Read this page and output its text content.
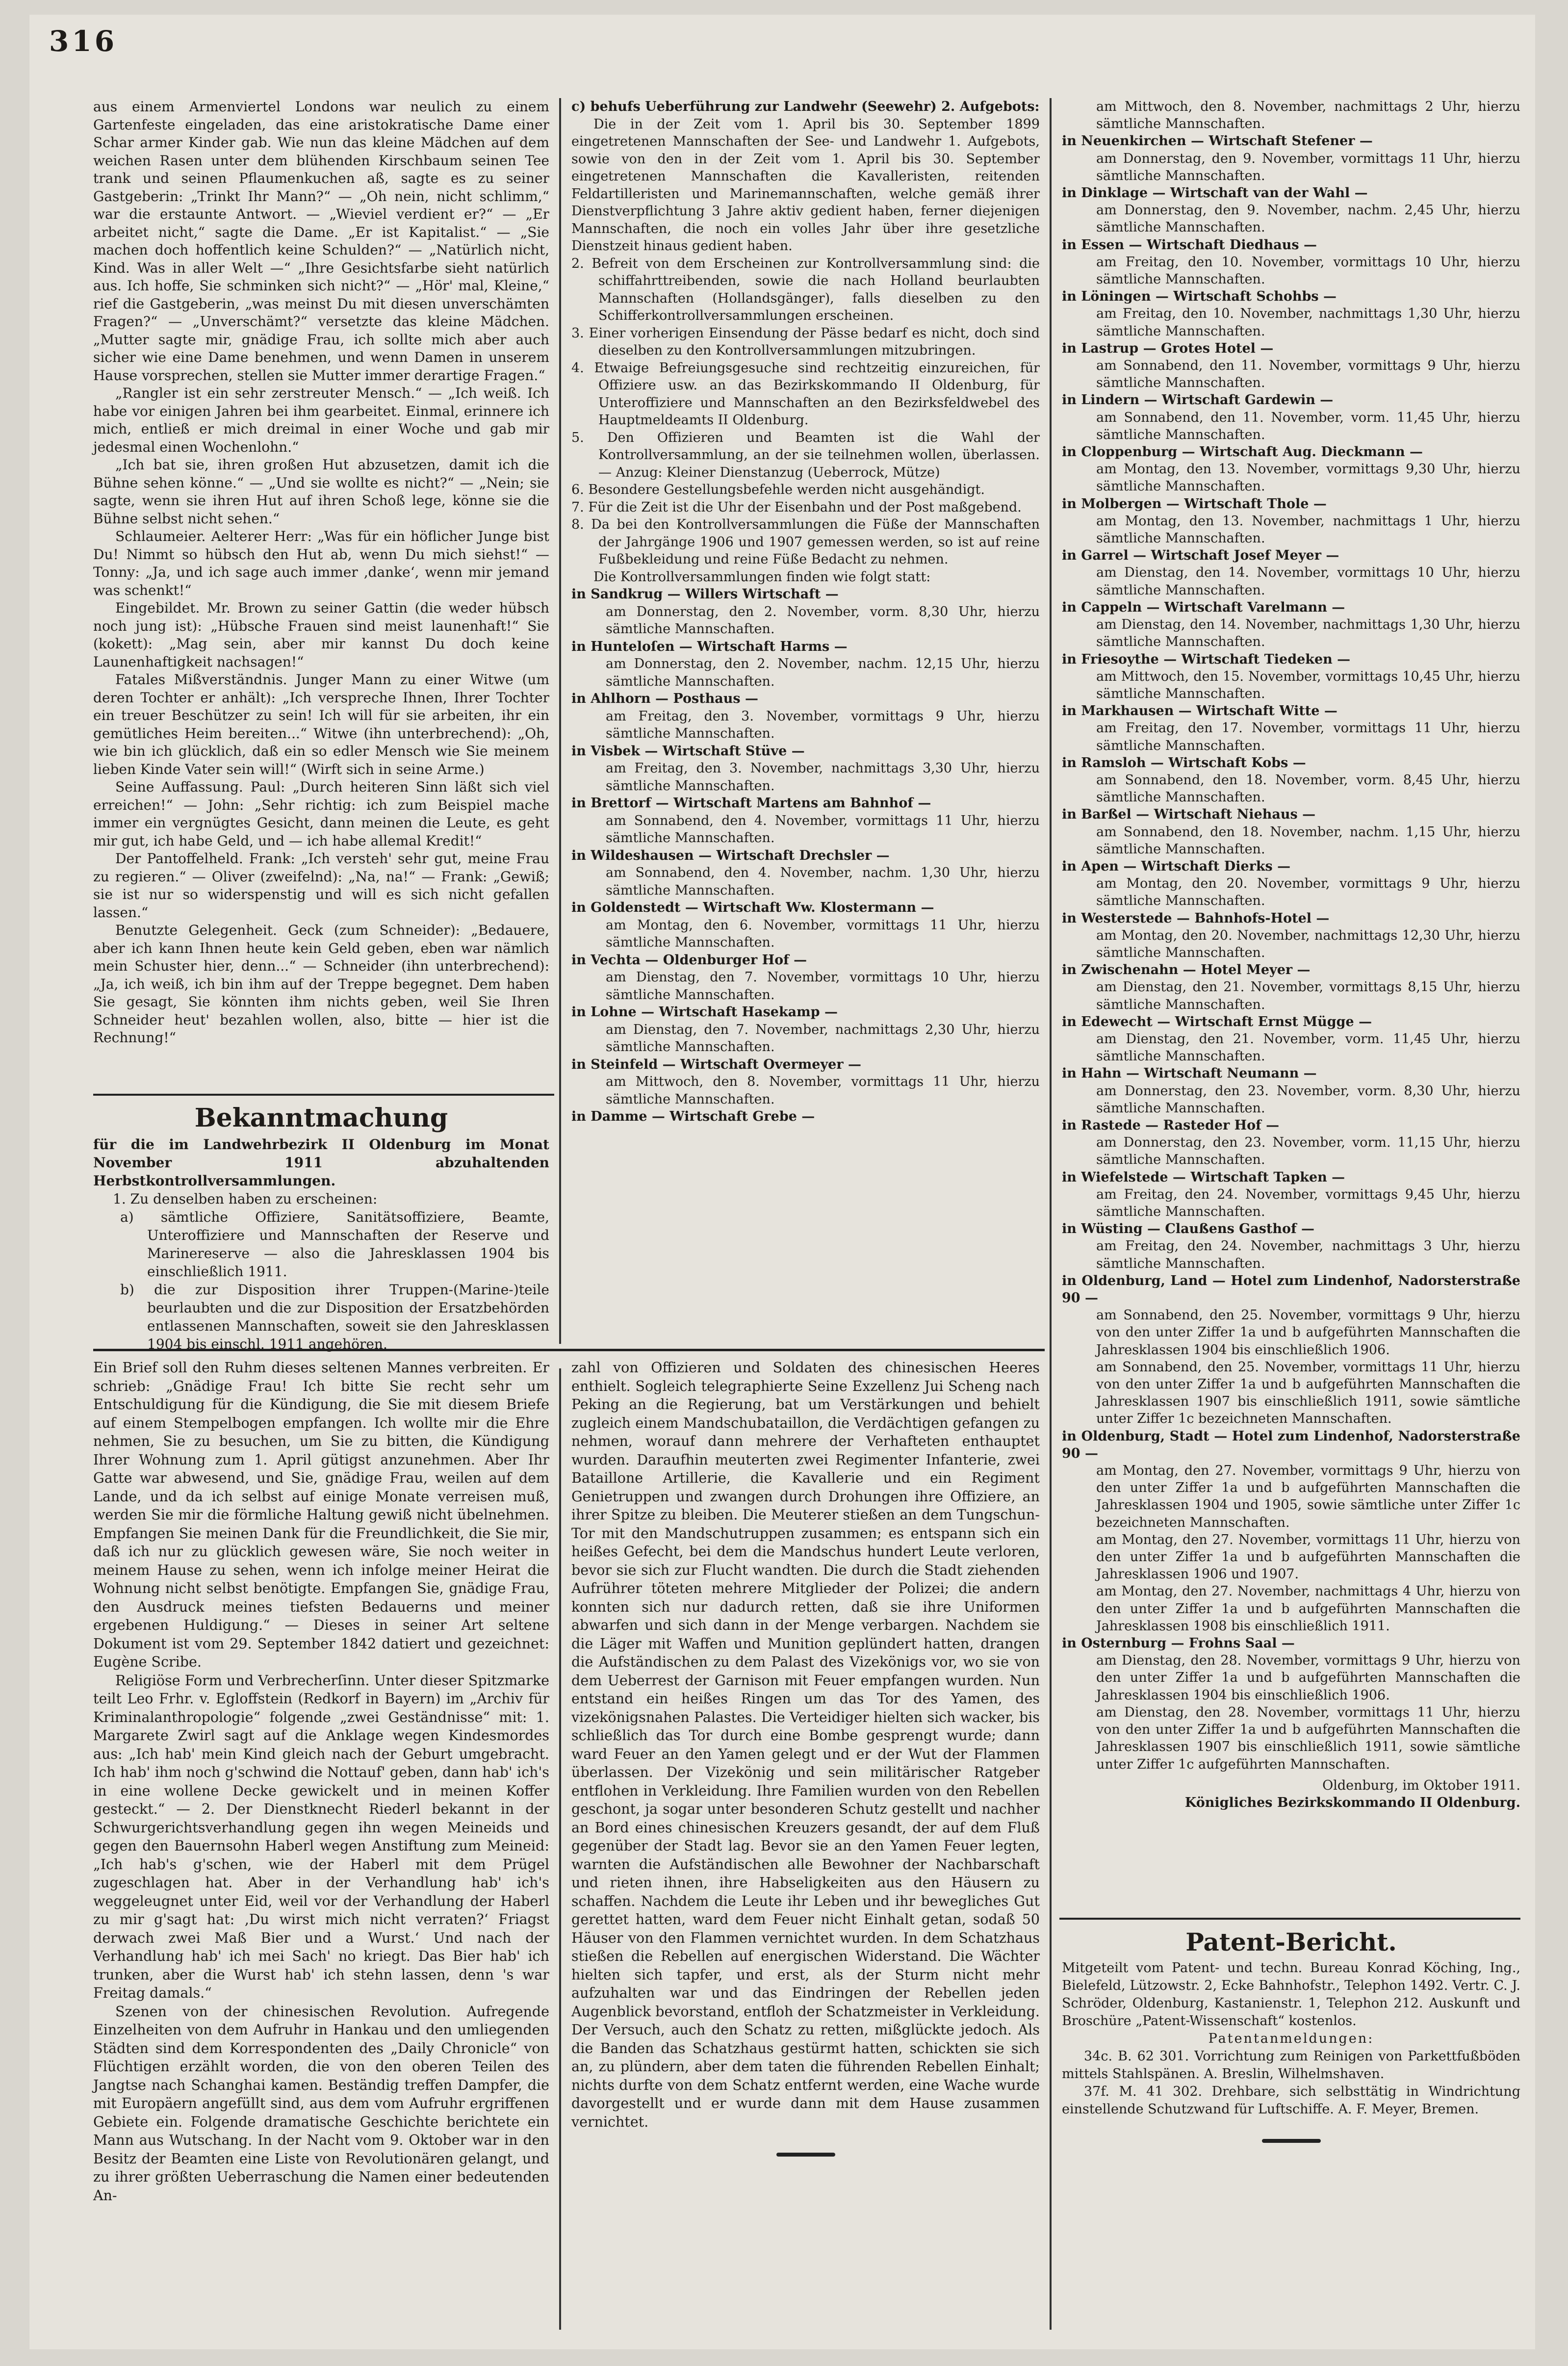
316

aus einem Armenviertel Londons war neulich zu einem Gartenfeste eingeladen, das eine aristokratische Dame einer Schar armer Kinder gab. Wie nun das kleine Mädchen auf dem weichen Rasen unter dem blühenden Kirschbaum seinen Tee trank und seinen Pflaumenkuchen aß, sagte es zu seiner Gastgeberin: „Trinkt Ihr Mann?“ — „Oh nein, nicht schlimm,“ war die erstaunte Antwort. — „Wieviel verdient er?“ — „Er arbeitet nicht,“ sagte die Dame. „Er ist Kapitalist.“ — „Sie machen doch hoffentlich keine Schulden?“ — „Natürlich nicht, Kind. Was in aller Welt —“ „Ihre Gesichtsfarbe sieht natürlich aus. Ich hoffe, Sie schminken sich nicht?“ — „Hör' mal, Kleine,“ rief die Gastgeberin, „was meinst Du mit diesen unverschämten Fragen?“ — „Unverschämt?“ versetzte das kleine Mädchen. „Mutter sagte mir, gnädige Frau, ich sollte mich aber auch sicher wie eine Dame benehmen, und wenn Damen in unserem Hause vorsprechen, stellen sie Mutter immer derartige Fragen.“

„Rangler ist ein sehr zerstreuter Mensch.“ — „Ich weiß. Ich habe vor einigen Jahren bei ihm gearbeitet. Einmal, erinnere ich mich, entließ er mich dreimal in einer Woche und gab mir jedesmal einen Wochenlohn.“

„Ich bat sie, ihren großen Hut abzusetzen, damit ich die Bühne sehen könne.“ — „Und sie wollte es nicht?“ — „Nein; sie sagte, wenn sie ihren Hut auf ihren Schoß lege, könne sie die Bühne selbst nicht sehen.“

Schlaumeier. Aelterer Herr: „Was für ein höflicher Junge bist Du! Nimmt so hübsch den Hut ab, wenn Du mich siehst!“ — Tonny: „Ja, und ich sage auch immer ‚danke‘, wenn mir jemand was schenkt!“

Eingebildet. Mr. Brown zu seiner Gattin (die weder hübsch noch jung ist): „Hübsche Frauen sind meist launenhaft!“ Sie (kokett): „Mag sein, aber mir kannst Du doch keine Launenhaftigkeit nachsagen!“

Fatales Mißverständnis. Junger Mann zu einer Witwe (um deren Tochter er anhält): „Ich verspreche Ihnen, Ihrer Tochter ein treuer Beschützer zu sein! Ich will für sie arbeiten, ihr ein gemütliches Heim bereiten...“ Witwe (ihn unterbrechend): „Oh, wie bin ich glücklich, daß ein so edler Mensch wie Sie meinem lieben Kinde Vater sein will!“ (Wirft sich in seine Arme.)

Seine Auffassung. Paul: „Durch heiteren Sinn läßt sich viel erreichen!“ — John: „Sehr richtig: ich zum Beispiel mache immer ein vergnügtes Gesicht, dann meinen die Leute, es geht mir gut, ich habe Geld, und — ich habe allemal Kredit!“

Der Pantoffelheld. Frank: „Ich versteh' sehr gut, meine Frau zu regieren.“ — Oliver (zweifelnd): „Na, na!“ — Frank: „Gewiß; sie ist nur so widerspenstig und will es sich nicht gefallen lassen.“

Benutzte Gelegenheit. Geck (zum Schneider): „Bedauere, aber ich kann Ihnen heute kein Geld geben, eben war nämlich mein Schuster hier, denn...“ — Schneider (ihn unterbrechend): „Ja, ich weiß, ich bin ihm auf der Treppe begegnet. Dem haben Sie gesagt, Sie könnten ihm nichts geben, weil Sie Ihren Schneider heut' bezahlen wollen, also, bitte — hier ist die Rechnung!“

Bekanntmachung

für die im Landwehrbezirk II Oldenburg im Monat November 1911 abzuhaltenden Herbstkontrollversammlungen.

1. Zu denselben haben zu erscheinen:

a) sämtliche Offiziere, Sanitätsoffiziere, Beamte, Unteroffiziere und Mannschaften der Reserve und Marinereserve — also die Jahresklassen 1904 bis einschließlich 1911.

b) die zur Disposition ihrer Truppen-(Marine-)teile beurlaubten und die zur Disposition der Ersatzbehörden entlassenen Mannschaften, soweit sie den Jahresklassen 1904 bis einschl. 1911 angehören.

c) behufs Ueberführung zur Landwehr (Seewehr) 2. Aufgebots:

Die in der Zeit vom 1. April bis 30. September 1899 eingetretenen Mannschaften der See- und Landwehr 1. Aufgebots, sowie von den in der Zeit vom 1. April bis 30. September eingetretenen Mannschaften die Kavalleristen, reitenden Feldartilleristen und Marinemannschaften, welche gemäß ihrer Dienstverpflichtung 3 Jahre aktiv gedient haben, ferner diejenigen Mannschaften, die noch ein volles Jahr über ihre gesetzliche Dienstzeit hinaus gedient haben.

2. Befreit von dem Erscheinen zur Kontrollversammlung sind: die schiffahrttreibenden, sowie die nach Holland beurlaubten Mannschaften (Hollandsgänger), falls dieselben zu den Schifferkontrollversammlungen erscheinen.

3. Einer vorherigen Einsendung der Pässe bedarf es nicht, doch sind dieselben zu den Kontrollversammlungen mitzubringen.

4. Etwaige Befreiungsgesuche sind rechtzeitig einzureichen, für Offiziere usw. an das Bezirkskommando II Oldenburg, für Unteroffiziere und Mannschaften an den Bezirksfeldwebel des Hauptmeldeamts II Oldenburg.

5. Den Offizieren und Beamten ist die Wahl der Kontrollversammlung, an der sie teilnehmen wollen, überlassen. — Anzug: Kleiner Dienstanzug (Ueberrock, Mütze)

6. Besondere Gestellungsbefehle werden nicht ausgehändigt.

7. Für die Zeit ist die Uhr der Eisenbahn und der Post maßgebend.

8. Da bei den Kontrollversammlungen die Füße der Mannschaften der Jahrgänge 1906 und 1907 gemessen werden, so ist auf reine Fußbekleidung und reine Füße Bedacht zu nehmen.

Die Kontrollversammlungen finden wie folgt statt:

in Sandkrug — Willers Wirtschaft —
am Donnerstag, den 2. November, vorm. 8,30 Uhr, hierzu sämtliche Mannschaften.

in Hunteloſen — Wirtschaft Harms —
am Donnerstag, den 2. November, nachm. 12,15 Uhr, hierzu sämtliche Mannschaften.

in Ahlhorn — Posthaus —
am Freitag, den 3. November, vormittags 9 Uhr, hierzu sämtliche Mannschaften.

in Visbek — Wirtschaft Stüve —
am Freitag, den 3. November, nachmittags 3,30 Uhr, hierzu sämtliche Mannschaften.

in Brettorf — Wirtschaft Martens am Bahnhof —
am Sonnabend, den 4. November, vormittags 11 Uhr, hierzu sämtliche Mannschaften.

in Wildeshausen — Wirtschaft Drechsler —
am Sonnabend, den 4. November, nachm. 1,30 Uhr, hierzu sämtliche Mannschaften.

in Goldenstedt — Wirtschaft Ww. Klostermann —
am Montag, den 6. November, vormittags 11 Uhr, hierzu sämtliche Mannschaften.

in Vechta — Oldenburger Hof —
am Dienstag, den 7. November, vormittags 10 Uhr, hierzu sämtliche Mannschaften.

in Lohne — Wirtschaft Hasekamp —
am Dienstag, den 7. November, nachmittags 2,30 Uhr, hierzu sämtliche Mannschaften.

in Steinfeld — Wirtschaft Overmeyer —
am Mittwoch, den 8. November, vormittags 11 Uhr, hierzu sämtliche Mannschaften.

in Damme — Wirtschaft Grebe —

am Mittwoch, den 8. November, nachmittags 2 Uhr, hierzu sämtliche Mannschaften.

in Neuenkirchen — Wirtschaft Stefener —
am Donnerstag, den 9. November, vormittags 11 Uhr, hierzu sämtliche Mannschaften.

in Dinklage — Wirtschaft van der Wahl —
am Donnerstag, den 9. November, nachm. 2,45 Uhr, hierzu sämtliche Mannschaften.

in Essen — Wirtschaft Diedhaus —
am Freitag, den 10. November, vormittags 10 Uhr, hierzu sämtliche Mannschaften.

in Löningen — Wirtschaft Schohbs —
am Freitag, den 10. November, nachmittags 1,30 Uhr, hierzu sämtliche Mannschaften.

in Lastrup — Grotes Hotel —
am Sonnabend, den 11. November, vormittags 9 Uhr, hierzu sämtliche Mannschaften.

in Lindern — Wirtschaft Gardewin —
am Sonnabend, den 11. November, vorm. 11,45 Uhr, hierzu sämtliche Mannschaften.

in Cloppenburg — Wirtschaft Aug. Dieckmann —
am Montag, den 13. November, vormittags 9,30 Uhr, hierzu sämtliche Mannschaften.

in Molbergen — Wirtschaft Thole —
am Montag, den 13. November, nachmittags 1 Uhr, hierzu sämtliche Mannschaften.

in Garrel — Wirtschaft Josef Meyer —
am Dienstag, den 14. November, vormittags 10 Uhr, hierzu sämtliche Mannschaften.

in Cappeln — Wirtschaft Varelmann —
am Dienstag, den 14. November, nachmittags 1,30 Uhr, hierzu sämtliche Mannschaften.

in Friesoythe — Wirtschaft Tiedeken —
am Mittwoch, den 15. November, vormittags 10,45 Uhr, hierzu sämtliche Mannschaften.

in Markhausen — Wirtschaft Witte —
am Freitag, den 17. November, vormittags 11 Uhr, hierzu sämtliche Mannschaften.

in Ramsloh — Wirtschaft Kobs —
am Sonnabend, den 18. November, vorm. 8,45 Uhr, hierzu sämtliche Mannschaften.

in Barßel — Wirtschaft Niehaus —
am Sonnabend, den 18. November, nachm. 1,15 Uhr, hierzu sämtliche Mannschaften.

in Apen — Wirtschaft Dierks —
am Montag, den 20. November, vormittags 9 Uhr, hierzu sämtliche Mannschaften.

in Westerstede — Bahnhofs-Hotel —
am Montag, den 20. November, nachmittags 12,30 Uhr, hierzu sämtliche Mannschaften.

in Zwischenahn — Hotel Meyer —
am Dienstag, den 21. November, vormittags 8,15 Uhr, hierzu sämtliche Mannschaften.

in Edewecht — Wirtschaft Ernst Mügge —
am Dienstag, den 21. November, vorm. 11,45 Uhr, hierzu sämtliche Mannschaften.

in Hahn — Wirtschaft Neumann —
am Donnerstag, den 23. November, vorm. 8,30 Uhr, hierzu sämtliche Mannschaften.

in Rastede — Rasteder Hof —
am Donnerstag, den 23. November, vorm. 11,15 Uhr, hierzu sämtliche Mannschaften.

in Wiefelstede — Wirtschaft Tapken —
am Freitag, den 24. November, vormittags 9,45 Uhr, hierzu sämtliche Mannschaften.

in Wüsting — Claußens Gasthof —
am Freitag, den 24. November, nachmittags 3 Uhr, hierzu sämtliche Mannschaften.

in Oldenburg, Land — Hotel zum Lindenhof, Nadorsterstraße 90 —
am Sonnabend, den 25. November, vormittags 9 Uhr, hierzu von den unter Ziffer 1a und b aufgeführten Mannschaften die Jahresklassen 1904 bis einschließlich 1906.

am Sonnabend, den 25. November, vormittags 11 Uhr, hierzu von den unter Ziffer 1a und b aufgeführten Mannschaften die Jahresklassen 1907 bis einschließlich 1911, sowie sämtliche unter Ziffer 1c bezeichneten Mannschaften.

in Oldenburg, Stadt — Hotel zum Lindenhof, Nadorsterstraße 90 —
am Montag, den 27. November, vormittags 9 Uhr, hierzu von den unter Ziffer 1a und b aufgeführten Mannschaften die Jahresklassen 1904 und 1905, sowie sämtliche unter Ziffer 1c bezeichneten Mannschaften.

am Montag, den 27. November, vormittags 11 Uhr, hierzu von den unter Ziffer 1a und b aufgeführten Mannschaften die Jahresklassen 1906 und 1907.

am Montag, den 27. November, nachmittags 4 Uhr, hierzu von den unter Ziffer 1a und b aufgeführten Mannschaften die Jahresklassen 1908 bis einschließlich 1911.

in Osternburg — Frohns Saal —
am Dienstag, den 28. November, vormittags 9 Uhr, hierzu von den unter Ziffer 1a und b aufgeführten Mannschaften die Jahresklassen 1904 bis einschließlich 1906.

am Dienstag, den 28. November, vormittags 11 Uhr, hierzu von den unter Ziffer 1a und b aufgeführten Mannschaften die Jahresklassen 1907 bis einschließlich 1911, sowie sämtliche unter Ziffer 1c aufgeführten Mannschaften.

Oldenburg, im Oktober 1911.

Königliches Bezirkskommando II Oldenburg.

Patent-Bericht.

Mitgeteilt vom Patent- und techn. Bureau Konrad Köching, Ing., Bielefeld, Lützowstr. 2, Ecke Bahnhofstr., Telephon 1492. Vertr. C. J. Schröder, Oldenburg, Kastanienstr. 1, Telephon 212. Auskunft und Broschüre „Patent-Wissenschaft“ kostenlos.

Patentanmeldungen:

34c. B. 62 301. Vorrichtung zum Reinigen von Parkettfußböden mittels Stahlspänen. A. Breslin, Wilhelmshaven.

37f. M. 41 302. Drehbare, sich selbsttätig in Windrichtung einstellende Schutzwand für Luftschiffe. A. F. Meyer, Bremen.

Ein Brief soll den Ruhm dieses seltenen Mannes verbreiten. Er schrieb: „Gnädige Frau! Ich bitte Sie recht sehr um Entschuldigung für die Kündigung, die Sie mit diesem Briefe auf einem Stempelbogen empfangen. Ich wollte mir die Ehre nehmen, Sie zu besuchen, um Sie zu bitten, die Kündigung Ihrer Wohnung zum 1. April gütigst anzunehmen. Aber Ihr Gatte war abwesend, und Sie, gnädige Frau, weilen auf dem Lande, und da ich selbst auf einige Monate verreisen muß, werden Sie mir die förmliche Haltung gewiß nicht übelnehmen. Empfangen Sie meinen Dank für die Freundlichkeit, die Sie mir, daß ich nur zu glücklich gewesen wäre, Sie noch weiter in meinem Hause zu sehen, wenn ich infolge meiner Heirat die Wohnung nicht selbst benötigte. Empfangen Sie, gnädige Frau, den Ausdruck meines tiefsten Bedauerns und meiner ergebenen Huldigung.“ — Dieses in seiner Art seltene Dokument ist vom 29. September 1842 datiert und gezeichnet: Eugène Scribe.

Religiöse Form und Verbrecherſinn. Unter dieser Spitzmarke teilt Leo Frhr. v. Egloffstein (Redkorf in Bayern) im „Archiv für Kriminalanthropologie“ folgende „zwei Geständnisse“ mit: 1. Margarete Zwirl sagt auf die Anklage wegen Kindesmordes aus: „Ich hab' mein Kind gleich nach der Geburt umgebracht. Ich hab' ihm noch g'schwind die Nottauf' geben, dann hab' ich's in eine wollene Decke gewickelt und in meinen Koffer gesteckt.“ — 2. Der Dienstknecht Riederl bekannt in der Schwurgerichtsverhandlung gegen ihn wegen Meineids und gegen den Bauernsohn Haberl wegen Anstiftung zum Meineid: „Ich hab's g'schen, wie der Haberl mit dem Prügel zugeschlagen hat. Aber in der Verhandlung hab' ich's weggeleugnet unter Eid, weil vor der Verhandlung der Haberl zu mir g'sagt hat: ‚Du wirst mich nicht verraten?‘ Friagst derwach zwei Maß Bier und a Wurst.‘ Und nach der Verhandlung hab' ich mei Sach' no kriegt. Das Bier hab' ich trunken, aber die Wurst hab' ich stehn lassen, denn 's war Freitag damals.“

Szenen von der chinesischen Revolution. Aufregende Einzelheiten von dem Aufruhr in Hankau und den umliegenden Städten sind dem Korrespondenten des „Daily Chronicle“ von Flüchtigen erzählt worden, die von den oberen Teilen des Jangtse nach Schanghai kamen. Beständig treffen Dampfer, die mit Europäern angefüllt sind, aus dem vom Aufruhr ergriffenen Gebiete ein. Folgende dramatische Geschichte berichtete ein Mann aus Wutschang. In der Nacht vom 9. Oktober war in den Besitz der Beamten eine Liste von Revolutionären gelangt, und zu ihrer größten Ueberraschung die Namen einer bedeutenden An-

zahl von Offizieren und Soldaten des chinesischen Heeres enthielt. Sogleich telegraphierte Seine Exzellenz Jui Scheng nach Peking an die Regierung, bat um Verstärkungen und behielt zugleich einem Mandschubataillon, die Verdächtigen gefangen zu nehmen, worauf dann mehrere der Verhafteten enthauptet wurden. Daraufhin meuterten zwei Regimenter Infanterie, zwei Bataillone Artillerie, die Kavallerie und ein Regiment Genietruppen und zwangen durch Drohungen ihre Offiziere, an ihrer Spitze zu bleiben. Die Meuterer stießen an dem Tungschun-Tor mit den Mandschutruppen zusammen; es entspann sich ein heißes Gefecht, bei dem die Mandschus hundert Leute verloren, bevor sie sich zur Flucht wandten. Die durch die Stadt ziehenden Aufrührer töteten mehrere Mitglieder der Polizei; die andern konnten sich nur dadurch retten, daß sie ihre Uniformen abwarfen und sich dann in der Menge verbargen. Nachdem sie die Läger mit Waffen und Munition geplündert hatten, drangen die Aufständischen zu dem Palast des Vizekönigs vor, wo sie von dem Ueberrest der Garnison mit Feuer empfangen wurden. Nun entstand ein heißes Ringen um das Tor des Yamen, des vizekönigsnahen Palastes. Die Verteidiger hielten sich wacker, bis schließlich das Tor durch eine Bombe gesprengt wurde; dann ward Feuer an den Yamen gelegt und er der Wut der Flammen überlassen. Der Vizekönig und sein militärischer Ratgeber entflohen in Verkleidung. Ihre Familien wurden von den Rebellen geschont, ja sogar unter besonderen Schutz gestellt und nachher an Bord eines chinesischen Kreuzers gesandt, der auf dem Fluß gegenüber der Stadt lag. Bevor sie an den Yamen Feuer legten, warnten die Aufständischen alle Bewohner der Nachbarschaft und rieten ihnen, ihre Habseligkeiten aus den Häusern zu schaffen. Nachdem die Leute ihr Leben und ihr bewegliches Gut gerettet hatten, ward dem Feuer nicht Einhalt getan, sodaß 50 Häuser von den Flammen vernichtet wurden. In dem Schatzhaus stießen die Rebellen auf energischen Widerstand. Die Wächter hielten sich tapfer, und erst, als der Sturm nicht mehr aufzuhalten war und das Eindringen der Rebellen jeden Augenblick bevorstand, entfloh der Schatzmeister in Verkleidung. Der Versuch, auch den Schatz zu retten, mißglückte jedoch. Als die Banden das Schatzhaus gestürmt hatten, schickten sie sich an, zu plündern, aber dem taten die führenden Rebellen Einhalt; nichts durfte von dem Schatz entfernt werden, eine Wache wurde davorgestellt und er wurde dann mit dem Hause zusammen vernichtet.
